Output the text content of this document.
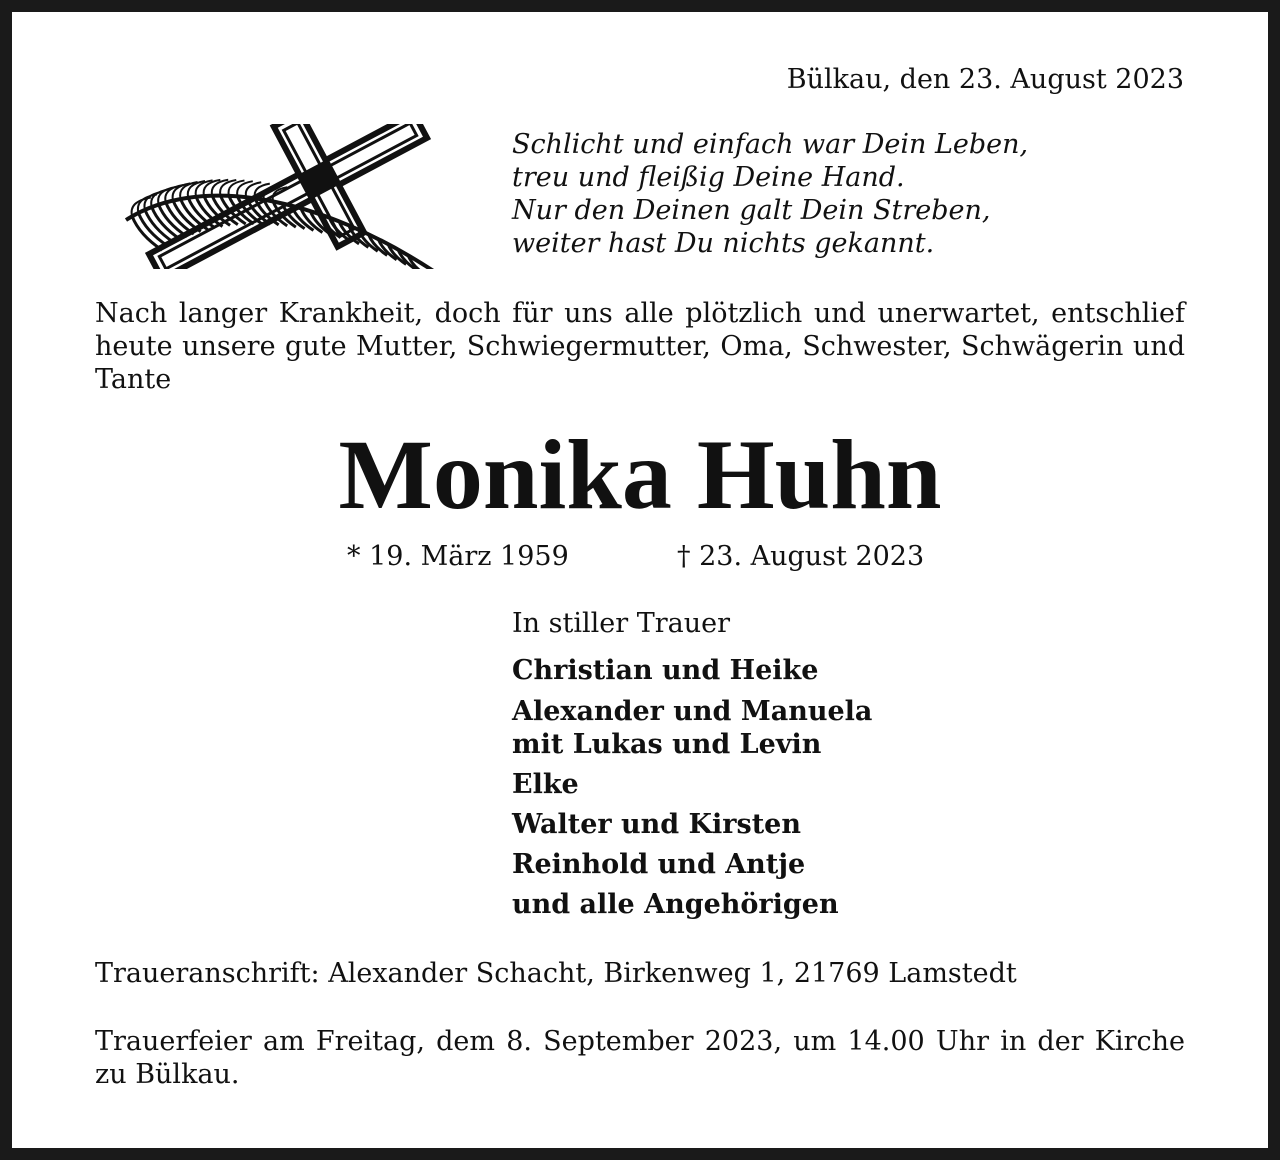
Bülkau, den 23. August 2023
Schlicht und einfach war Dein Leben,
treu und fleißig Deine Hand.
Nur den Deinen galt Dein Streben,
weiter hast Du nichts gekannt.
Nach langer Krankheit, doch für uns alle plötzlich und unerwartet, entschlief heute unsere gute Mutter, Schwiegermutter, Oma, Schwester, Schwägerin und Tante
Monika Huhn
* 19. März 1959	† 23. August 2023
In stiller Trauer
Christian und Heike
Alexander und Manuela
mit Lukas und Levin
Elke
Walter und Kirsten
Reinhold und Antje
und alle Angehörigen
Traueranschrift: Alexander Schacht, Birkenweg 1, 21769 Lamstedt
Trauerfeier am Freitag, dem 8. September 2023, um 14.00 Uhr in der Kirche zu Bülkau.
